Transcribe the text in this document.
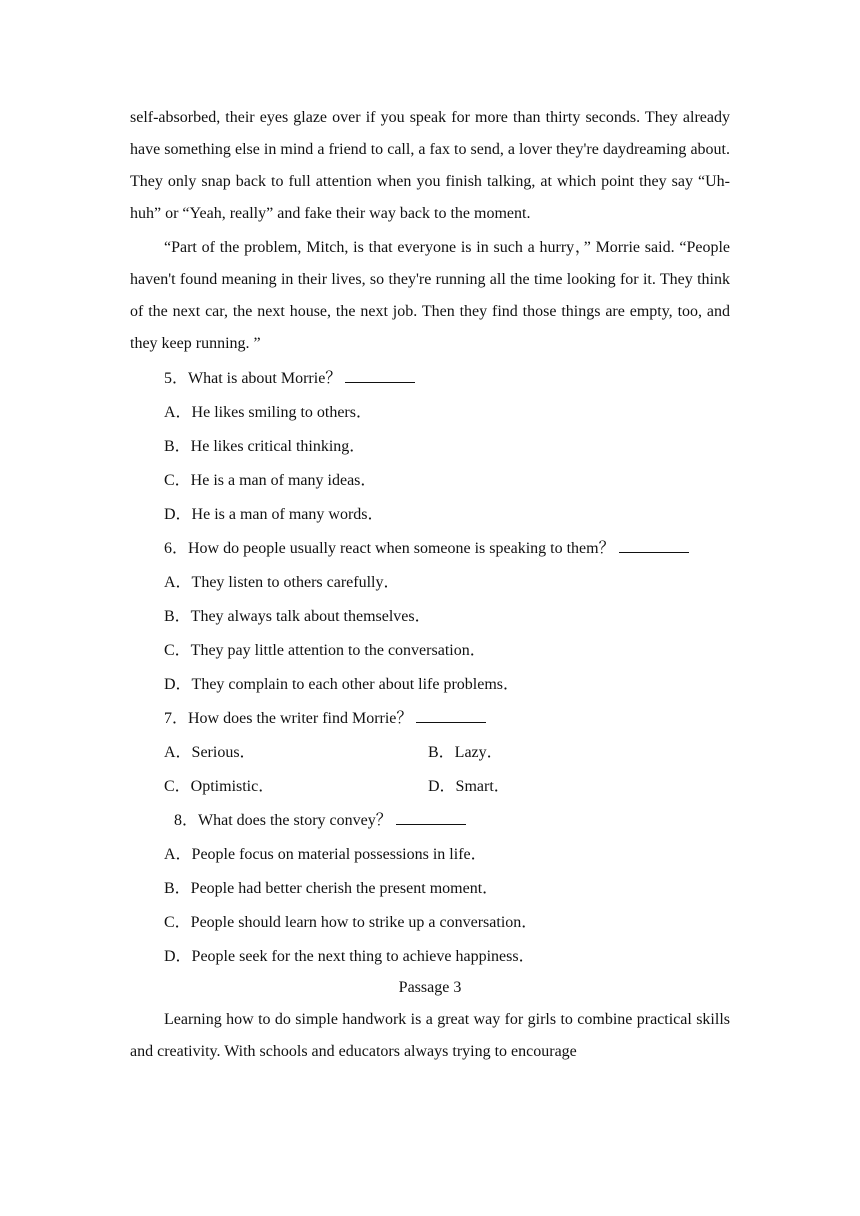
self-absorbed, their eyes glaze over if you speak for more than thirty seconds. They already have something else in mind a friend to call, a fax to send, a lover they're daydreaming about. They only snap back to full attention when you finish talking, at which point they say “Uh-huh” or “Yeah, really” and fake their way back to the moment.

“Part of the problem, Mitch, is that everyone is in such a hurry，” Morrie said. “People haven't found meaning in their lives, so they're running all the time looking for it. They think of the next car, the next house, the next job. Then they find those things are empty, too, and they keep running. ”

5．What is about Morrie？
A．He likes smiling to others．
B．He likes critical thinking．
C．He is a man of many ideas．
D．He is a man of many words．
6．How do people usually react when someone is speaking to them？
A．They listen to others carefully．
B．They always talk about themselves．
C．They pay little attention to the conversation．
D．They complain to each other about life problems．
7．How does the writer find Morrie？
A．Serious．	B．Lazy．
C．Optimistic．	D．Smart．
8．What does the story convey？
A．People focus on material possessions in life．
B．People had better cherish the present moment．
C．People should learn how to strike up a conversation．
D．People seek for the next thing to achieve happiness．
Passage 3

Learning how to do simple handwork is a great way for girls to combine practical skills and creativity. With schools and educators always trying to encourage
